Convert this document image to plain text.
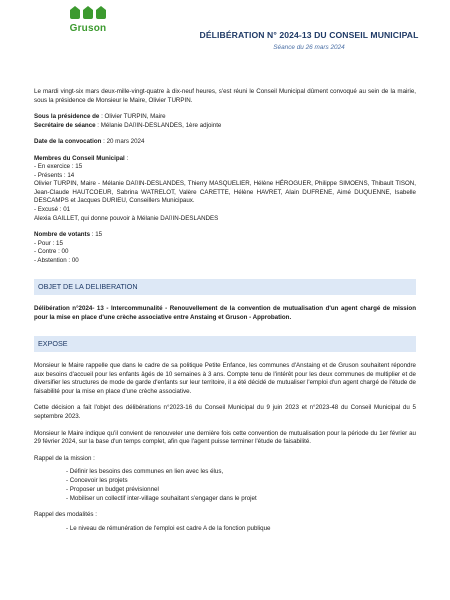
Gruson
DÉLIBÉRATION N° 2024-13 DU CONSEIL MUNICIPAL
Séance du 26 mars 2024

Le mardi vingt-six mars deux-mille-vingt-quatre à dix-neuf heures, s'est réuni le Conseil Municipal dûment convoqué au sein de la mairie, sous la présidence de Monsieur le Maire, Olivier TURPIN.

Sous la présidence de : Olivier TURPIN, Maire
Secrétaire de séance : Mélanie DA⌷IN-DESLANDES, 1ère adjointe
Date de la convocation : 20 mars 2024
Membres du Conseil Municipal :
- En exercice : 15
- Présents : 14

Olivier TURPIN, Maire - Mélanie DA⌷IN-DESLANDES, Thierry MASQUELIER, Hélène HÉROGUER, Philippe SIMOENS, Thibault TISON, Jean-Claude HAUTCOEUR, Sabrina WATRELOT, Valère CARETTE, Hélène HAVRET, Alain DUFRENE, Aimé DUQUENNE, Isabelle DESCAMPS et Jacques DURIEU, Conseillers Municipaux.

- Excusé : 01
Alexia GAILLET, qui donne pouvoir à Mélanie DA⌷IN-DESLANDES
Nombre de votants : 15
- Pour : 15
- Contre : 00
- Abstention : 00
OBJET DE LA DELIBERATION

Délibération n°2024- 13 - Intercommunalité - Renouvellement de la convention de mutualisation d'un agent chargé de mission pour la mise en place d'une crèche associative entre Anstaing et Gruson - Approbation.

EXPOSE

Monsieur le Maire rappelle que dans le cadre de sa politique Petite Enfance, les communes d'Anstaing et de Gruson souhaitent répondre aux besoins d'accueil pour les enfants âgés de 10 semaines à 3 ans. Compte tenu de l'intérêt pour les deux communes de multiplier et de diversifier les structures de mode de garde d'enfants sur leur territoire, il a été décidé de mutualiser l'emploi d'un agent chargé de l'étude de faisabilité pour la mise en place d'une crèche associative.

Cette décision a fait l'objet des délibérations n°2023-16 du Conseil Municipal du 9 juin 2023 et n°2023-48 du Conseil Municipal du 5 septembre 2023.

Monsieur le Maire indique qu'il convient de renouveler une dernière fois cette convention de mutualisation pour la période du 1er février au 29 février 2024, sur la base d'un temps complet, afin que l'agent puisse terminer l'étude de faisabilité.

Rappel de la mission :
- Définir les besoins des communes en lien avec les élus,
- Concevoir les projets
- Proposer un budget prévisionnel
- Mobiliser un collectif inter-village souhaitant s'engager dans le projet
Rappel des modalités :
- Le niveau de rémunération de l'emploi est cadre A de la fonction publique
